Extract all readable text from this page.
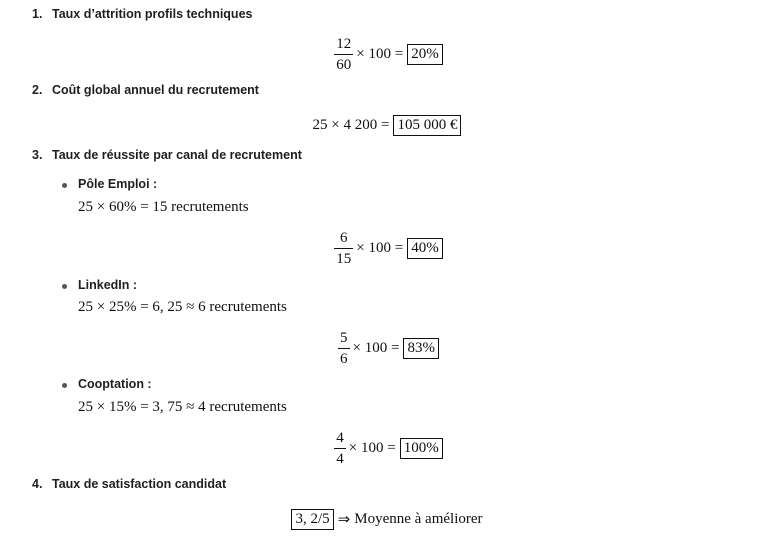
1. Taux d’attrition profils techniques
$\frac{12}{60} \times 100 = 20\%$
2. Coût global annuel du recrutement
25 × 4 200 = 105 000 €
3. Taux de réussite par canal de recrutement
Pôle Emploi :
25 × 60% = 15 recrutements
$\frac{6}{15} \times 100 = 40\%$
LinkedIn :
25 × 25% = 6, 25 ≈ 6 recrutements
$\frac{5}{6} \times 100 = 83\%$
Cooptation :
25 × 15% = 3, 75 ≈ 4 recrutements
$\frac{4}{4} \times 100 = 100\%$
4. Taux de satisfaction candidat
3, 2/5 ⇒ Moyenne à améliorer
